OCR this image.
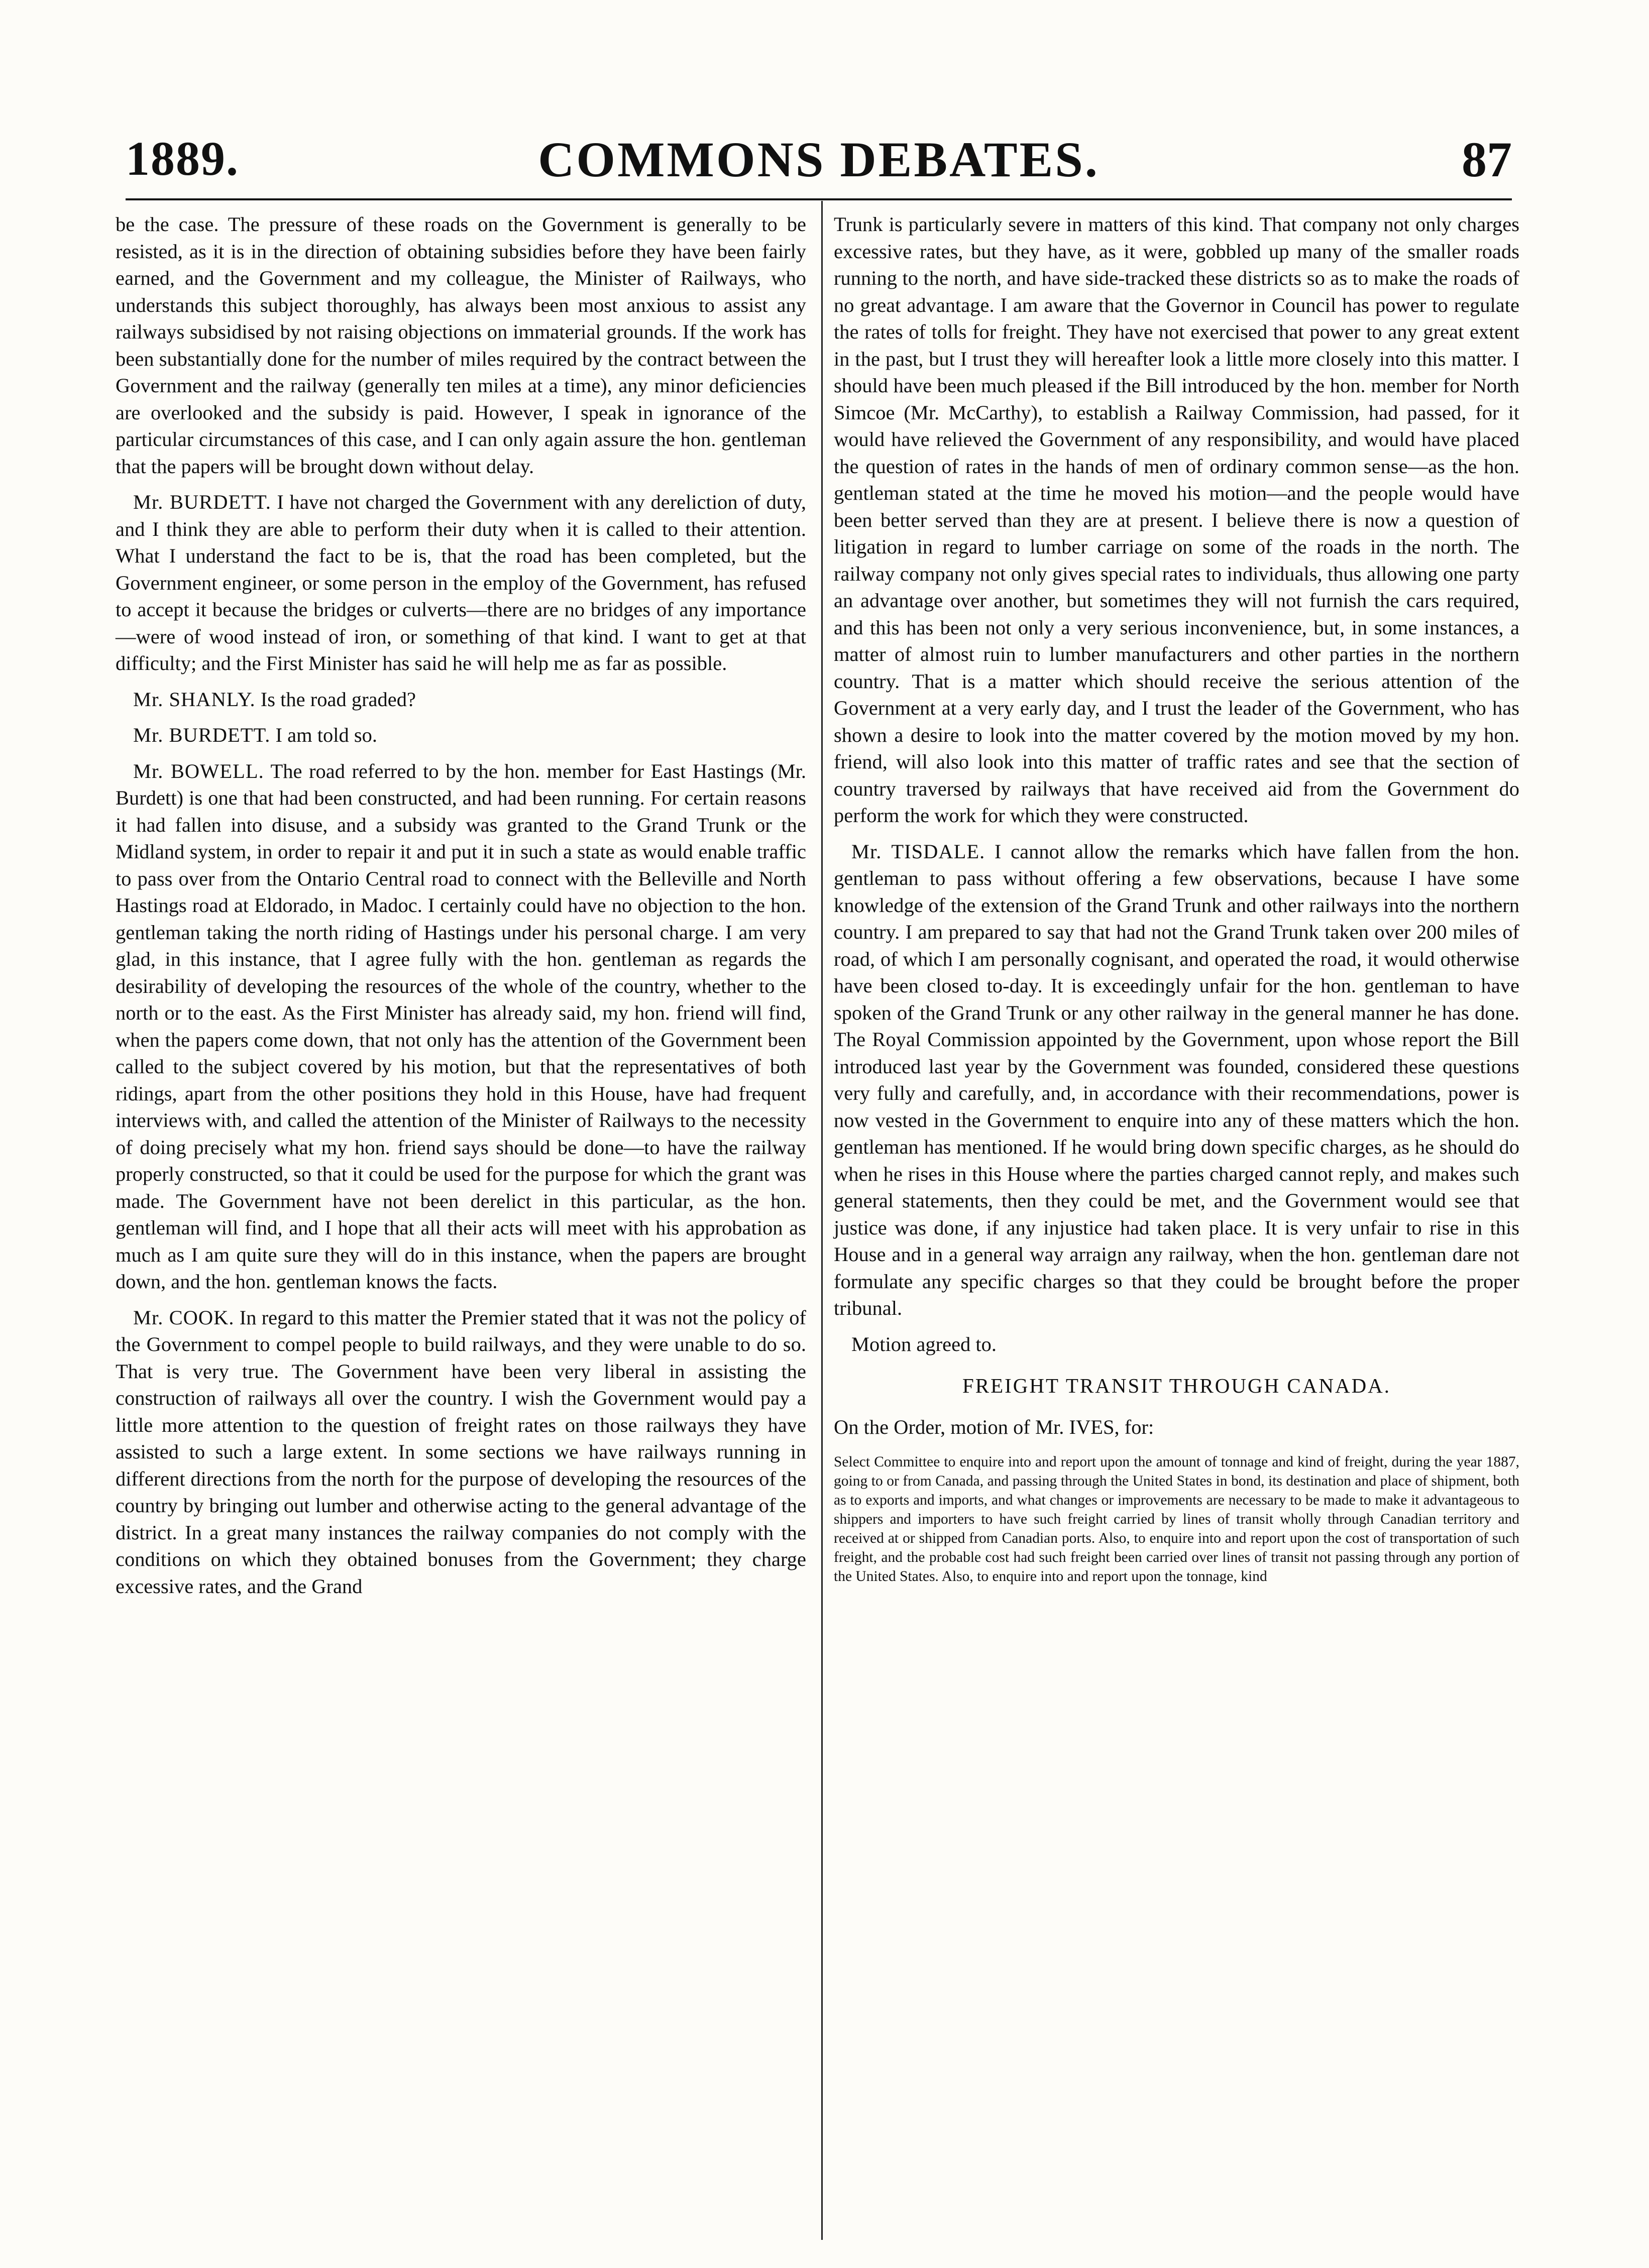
1889.	COMMONS DEBATES.	87

be the case. The pressure of these roads on the Government is generally to be resisted, as it is in the direction of obtaining subsidies before they have been fairly earned, and the Government and my colleague, the Minister of Railways, who understands this subject thoroughly, has always been most anxious to assist any railways subsidised by not raising objections on immaterial grounds. If the work has been substantially done for the number of miles required by the contract between the Government and the railway (generally ten miles at a time), any minor deficiencies are overlooked and the subsidy is paid. However, I speak in ignorance of the particular circumstances of this case, and I can only again assure the hon. gentleman that the papers will be brought down without delay.

Mr. BURDETT. I have not charged the Government with any dereliction of duty, and I think they are able to perform their duty when it is called to their attention. What I understand the fact to be is, that the road has been completed, but the Government engineer, or some person in the employ of the Government, has refused to accept it because the bridges or culverts—there are no bridges of any importance—were of wood instead of iron, or something of that kind. I want to get at that difficulty; and the First Minister has said he will help me as far as possible.

Mr. SHANLY. Is the road graded?

Mr. BURDETT. I am told so.

Mr. BOWELL. The road referred to by the hon. member for East Hastings (Mr. Burdett) is one that had been constructed, and had been running. For certain reasons it had fallen into disuse, and a subsidy was granted to the Grand Trunk or the Midland system, in order to repair it and put it in such a state as would enable traffic to pass over from the Ontario Central road to connect with the Belleville and North Hastings road at Eldorado, in Madoc. I certainly could have no objection to the hon. gentleman taking the north riding of Hastings under his personal charge. I am very glad, in this instance, that I agree fully with the hon. gentleman as regards the desirability of developing the resources of the whole of the country, whether to the north or to the east. As the First Minister has already said, my hon. friend will find, when the papers come down, that not only has the attention of the Government been called to the subject covered by his motion, but that the representatives of both ridings, apart from the other positions they hold in this House, have had frequent interviews with, and called the attention of the Minister of Railways to the necessity of doing precisely what my hon. friend says should be done—to have the railway properly constructed, so that it could be used for the purpose for which the grant was made. The Government have not been derelict in this particular, as the hon. gentleman will find, and I hope that all their acts will meet with his approbation as much as I am quite sure they will do in this instance, when the papers are brought down, and the hon. gentleman knows the facts.

Mr. COOK. In regard to this matter the Premier stated that it was not the policy of the Government to compel people to build railways, and they were unable to do so. That is very true. The Government have been very liberal in assisting the construction of railways all over the country. I wish the Government would pay a little more attention to the question of freight rates on those railways they have assisted to such a large extent. In some sections we have railways running in different directions from the north for the purpose of developing the resources of the country by bringing out lumber and otherwise acting to the general advantage of the district. In a great many instances the railway companies do not comply with the conditions on which they obtained bonuses from the Government; they charge excessive rates, and the Grand

Trunk is particularly severe in matters of this kind. That company not only charges excessive rates, but they have, as it were, gobbled up many of the smaller roads running to the north, and have side-tracked these districts so as to make the roads of no great advantage. I am aware that the Governor in Council has power to regulate the rates of tolls for freight. They have not exercised that power to any great extent in the past, but I trust they will hereafter look a little more closely into this matter. I should have been much pleased if the Bill introduced by the hon. member for North Simcoe (Mr. McCarthy), to establish a Railway Commission, had passed, for it would have relieved the Government of any responsibility, and would have placed the question of rates in the hands of men of ordinary common sense—as the hon. gentleman stated at the time he moved his motion—and the people would have been better served than they are at present. I believe there is now a question of litigation in regard to lumber carriage on some of the roads in the north. The railway company not only gives special rates to individuals, thus allowing one party an advantage over another, but sometimes they will not furnish the cars required, and this has been not only a very serious inconvenience, but, in some instances, a matter of almost ruin to lumber manufacturers and other parties in the northern country. That is a matter which should receive the serious attention of the Government at a very early day, and I trust the leader of the Government, who has shown a desire to look into the matter covered by the motion moved by my hon. friend, will also look into this matter of traffic rates and see that the section of country traversed by railways that have received aid from the Government do perform the work for which they were constructed.

Mr. TISDALE. I cannot allow the remarks which have fallen from the hon. gentleman to pass without offering a few observations, because I have some knowledge of the extension of the Grand Trunk and other railways into the northern country. I am prepared to say that had not the Grand Trunk taken over 200 miles of road, of which I am personally cognisant, and operated the road, it would otherwise have been closed to-day. It is exceedingly unfair for the hon. gentleman to have spoken of the Grand Trunk or any other railway in the general manner he has done. The Royal Commission appointed by the Government, upon whose report the Bill introduced last year by the Government was founded, considered these questions very fully and carefully, and, in accordance with their recommendations, power is now vested in the Government to enquire into any of these matters which the hon. gentleman has mentioned. If he would bring down specific charges, as he should do when he rises in this House where the parties charged cannot reply, and makes such general statements, then they could be met, and the Government would see that justice was done, if any injustice had taken place. It is very unfair to rise in this House and in a general way arraign any railway, when the hon. gentleman dare not formulate any specific charges so that they could be brought before the proper tribunal.

Motion agreed to.

FREIGHT TRANSIT THROUGH CANADA.

On the Order, motion of Mr. IVES, for:

Select Committee to enquire into and report upon the amount of tonnage and kind of freight, during the year 1887, going to or from Canada, and passing through the United States in bond, its destination and place of shipment, both as to exports and imports, and what changes or improvements are necessary to be made to make it advantageous to shippers and importers to have such freight carried by lines of transit wholly through Canadian territory and received at or shipped from Canadian ports. Also, to enquire into and report upon the cost of transportation of such freight, and the probable cost had such freight been carried over lines of transit not passing through any portion of the United States. Also, to enquire into and report upon the tonnage, kind
